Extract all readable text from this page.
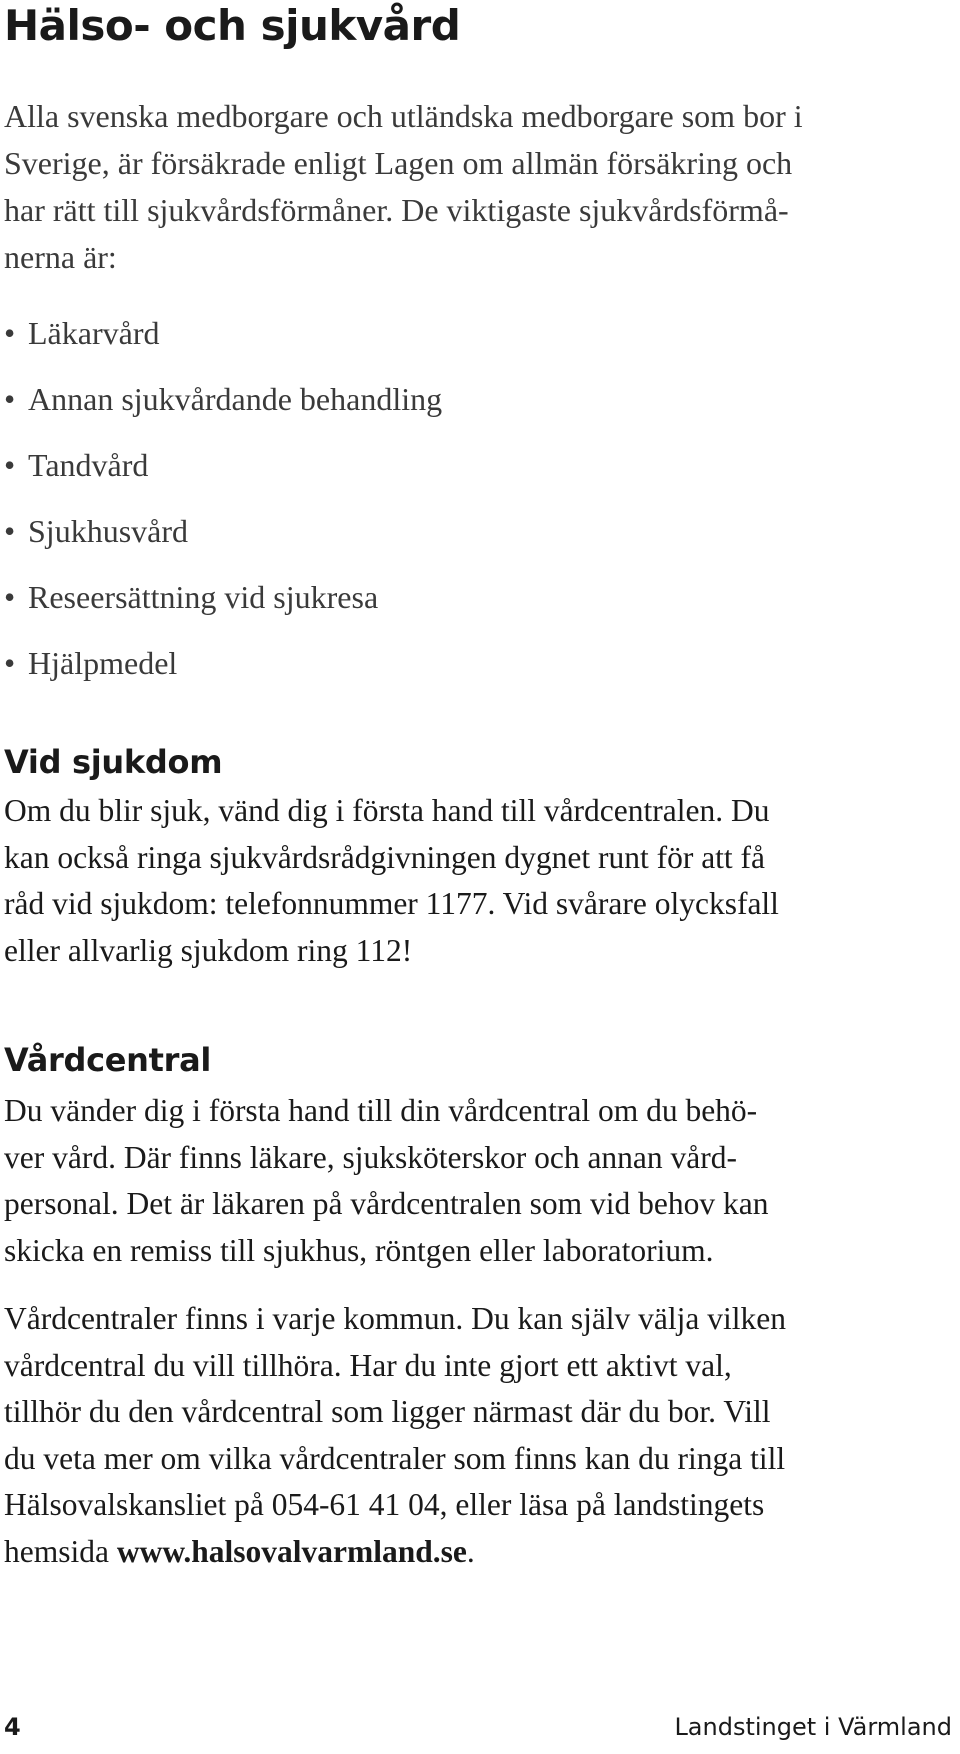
Hälso- och sjukvård

Alla svenska medborgare och utländska medborgare som bor i
Sverige, är försäkrade enligt Lagen om allmän försäkring och
har rätt till sjukvårdsförmåner. De viktigaste sjukvårdsförmå-
nerna är:

• Läkarvård
• Annan sjukvårdande behandling
• Tandvård
• Sjukhusvård
• Reseersättning vid sjukresa
• Hjälpmedel
Vid sjukdom

Om du blir sjuk, vänd dig i första hand till vårdcentralen. Du
kan också ringa sjukvårdsrådgivningen dygnet runt för att få
råd vid sjukdom: telefonnummer 1177. Vid svårare olycksfall
eller allvarlig sjukdom ring 112!

Vårdcentral

Du vänder dig i första hand till din vårdcentral om du behö-
ver vård. Där finns läkare, sjuksköterskor och annan vård-
personal. Det är läkaren på vårdcentralen som vid behov kan
skicka en remiss till sjukhus, röntgen eller laboratorium.

Vårdcentraler finns i varje kommun. Du kan själv välja vilken
vårdcentral du vill tillhöra. Har du inte gjort ett aktivt val,
tillhör du den vårdcentral som ligger närmast där du bor. Vill
du veta mer om vilka vårdcentraler som finns kan du ringa till
Hälsovalskansliet på 054-61 41 04, eller läsa på landstingets
hemsida www.halsovalvarmland.se.

4	Landstinget i Värmland
